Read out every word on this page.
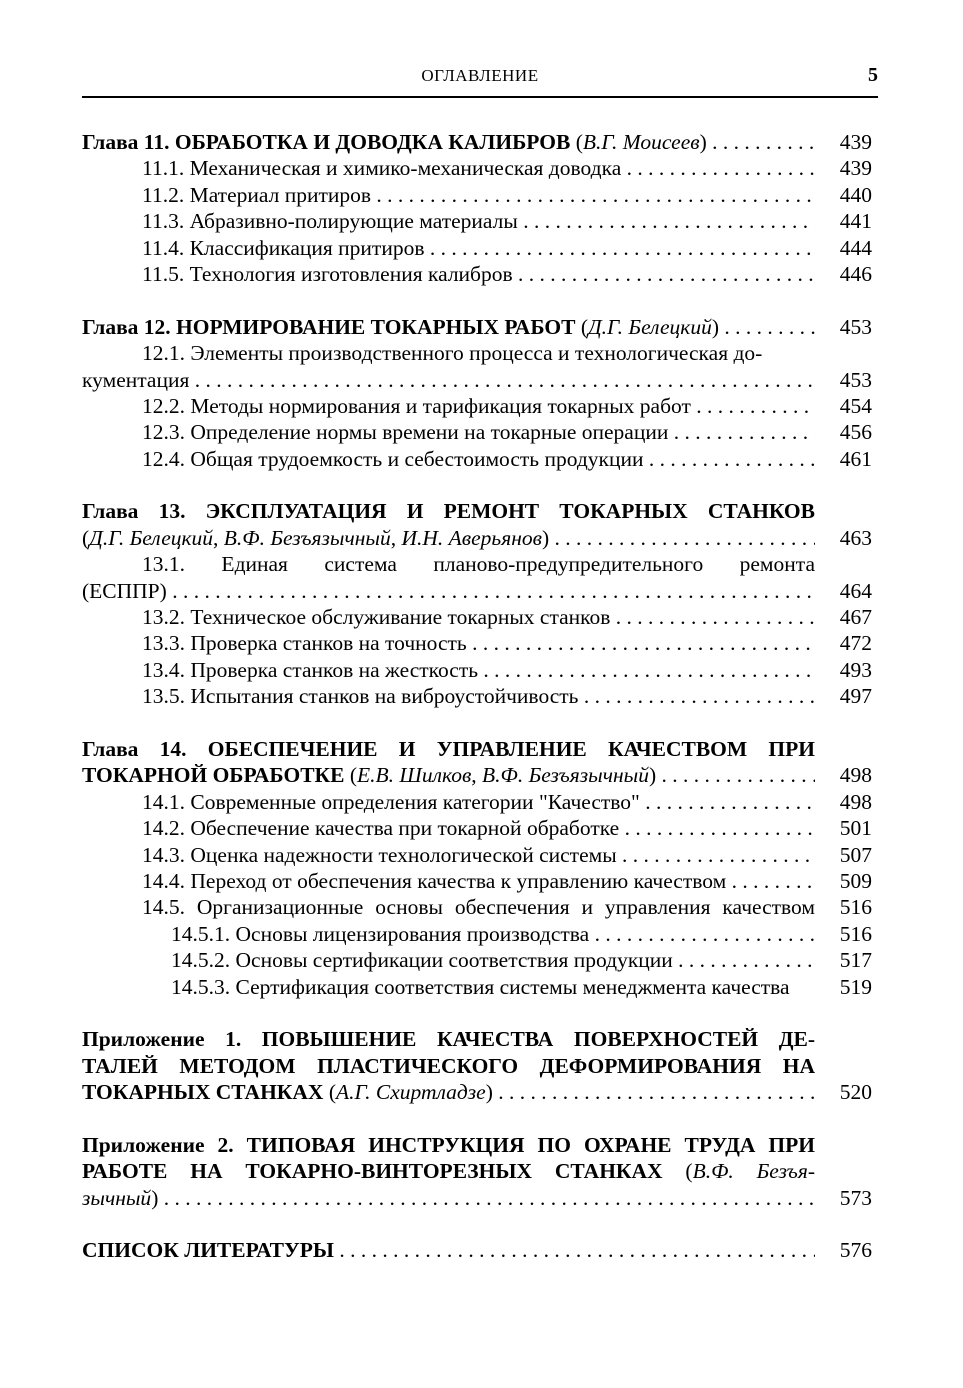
ОГЛАВЛЕНИЕ	5
Глава 11. ОБРАБОТКА И ДОВОДКА КАЛИБРОВ (В.Г. Моисеев) . . .	439
11.1. Механическая и химико-механическая доводка . . .	439
11.2. Материал притиров . . .	440
11.3. Абразивно-полирующие материалы . . .	441
11.4. Классификация притиров . . .	444
11.5. Технология изготовления калибров . . .	446
Глава 12. НОРМИРОВАНИЕ ТОКАРНЫХ РАБОТ (Д.Г. Белецкий) . . .	453
12.1. Элементы производственного процесса и технологическая до-
кументация . . .	453
12.2. Методы нормирования и тарификация токарных работ . . .	454
12.3. Определение нормы времени на токарные операции . . .	456
12.4. Общая трудоемкость и себестоимость продукции . . .	461
Глава 13. ЭКСПЛУАТАЦИЯ И РЕМОНТ ТОКАРНЫХ СТАНКОВ
(Д.Г. Белецкий, В.Ф. Безъязычный, И.Н. Аверьянов) . . .	463
13.1. Единая система планово-предупредительного ремонта
(ЕСППР) . . .	464
13.2. Техническое обслуживание токарных станков . . .	467
13.3. Проверка станков на точность . . .	472
13.4. Проверка станков на жесткость . . .	493
13.5. Испытания станков на виброустойчивость . . .	497
Глава 14. ОБЕСПЕЧЕНИЕ И УПРАВЛЕНИЕ КАЧЕСТВОМ ПРИ
ТОКАРНОЙ ОБРАБОТКЕ (Е.В. Шилков, В.Ф. Безъязычный) . . .	498
14.1. Современные определения категории "Качество" . . .	498
14.2. Обеспечение качества при токарной обработке . . .	501
14.3. Оценка надежности технологической системы . . .	507
14.4. Переход от обеспечения качества к управлению качеством . . .	509
14.5. Организационные основы обеспечения и управления качеством 516
14.5.1. Основы лицензирования производства . . .	516
14.5.2. Основы сертификации соответствия продукции . . .	517
14.5.3. Сертификация соответствия системы менеджмента качества	519
Приложение 1. ПОВЫШЕНИЕ КАЧЕСТВА ПОВЕРХНОСТЕЙ ДЕ-
ТАЛЕЙ МЕТОДОМ ПЛАСТИЧЕСКОГО ДЕФОРМИРОВАНИЯ НА
ТОКАРНЫХ СТАНКАХ (А.Г. Схиртладзе) . . .	520
Приложение 2. ТИПОВАЯ ИНСТРУКЦИЯ ПО ОХРАНЕ ТРУДА ПРИ
РАБОТЕ НА ТОКАРНО-ВИНТОРЕЗНЫХ СТАНКАХ (В.Ф. Безъя-
зычный) . . .	573
СПИСОК ЛИТЕРАТУРЫ . . .	576
